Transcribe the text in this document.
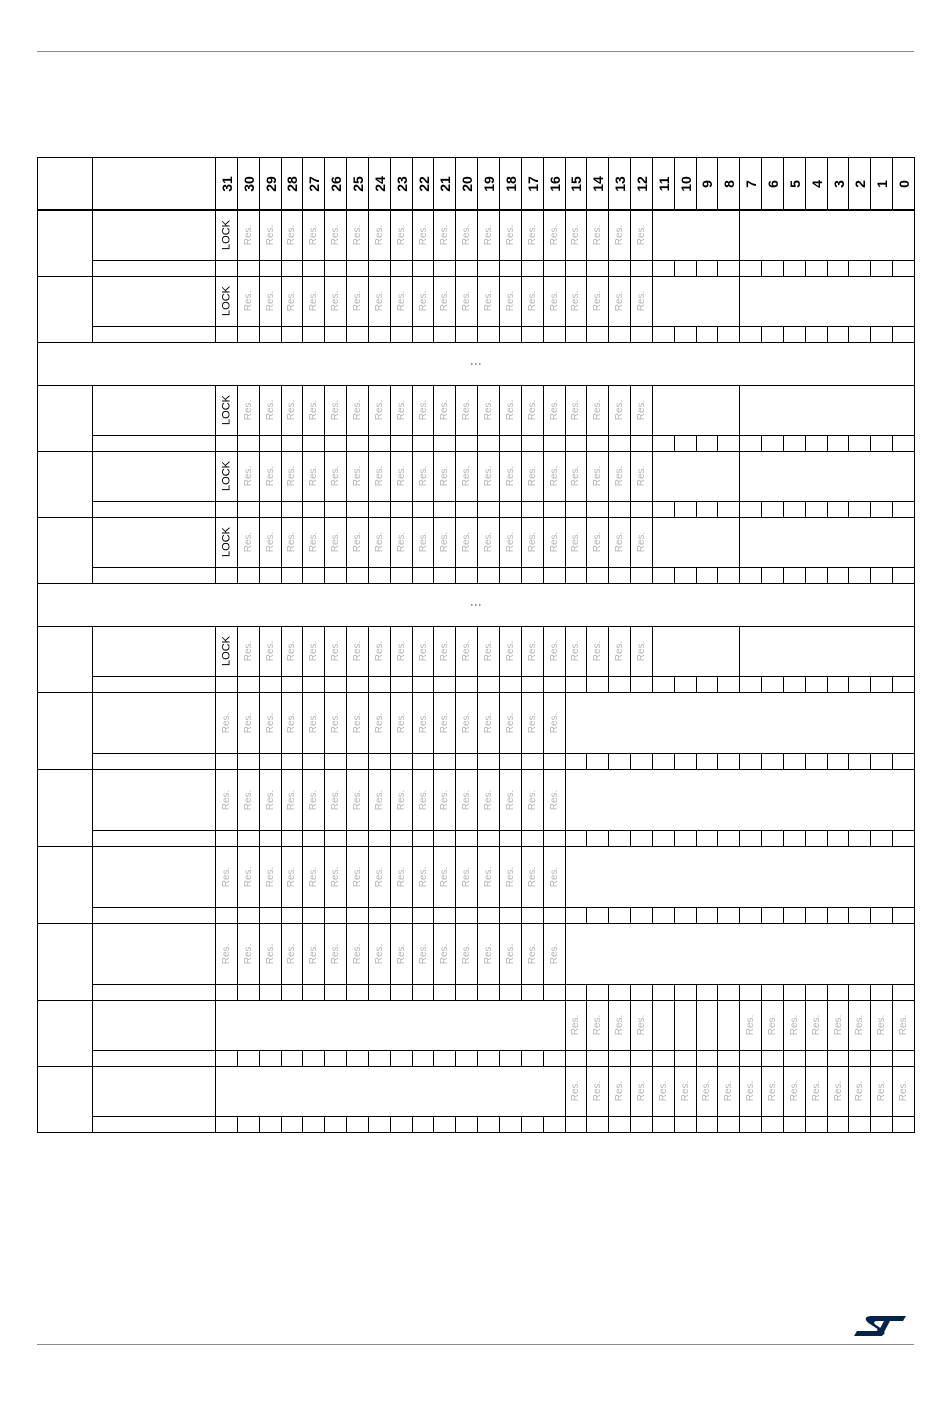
31 30 29 28 27 26 25 24 23 22 21 20 19 18 17 16 15 14 13 12 11 10 9 8 7 6 5 4 3 2 1 0
LOCK Res. Res. Res. Res. Res. Res. Res. Res. Res. Res. Res. Res. Res. Res. Res. Res. Res. Res. Res.
LOCK Res. Res. Res. Res. Res. Res. Res. Res. Res. Res. Res. Res. Res. Res. Res. Res. Res. Res. Res.
⋮
LOCK Res. Res. Res. Res. Res. Res. Res. Res. Res. Res. Res. Res. Res. Res. Res. Res. Res. Res. Res.
LOCK Res. Res. Res. Res. Res. Res. Res. Res. Res. Res. Res. Res. Res. Res. Res. Res. Res. Res. Res.
LOCK Res. Res. Res. Res. Res. Res. Res. Res. Res. Res. Res. Res. Res. Res. Res. Res. Res. Res. Res.
⋮
LOCK Res. Res. Res. Res. Res. Res. Res. Res. Res. Res. Res. Res. Res. Res. Res. Res. Res. Res. Res.
Res. Res. Res. Res. Res. Res. Res. Res. Res. Res. Res. Res. Res. Res. Res. Res.
Res. Res. Res. Res. Res. Res. Res. Res. Res. Res. Res. Res. Res. Res. Res. Res.
Res. Res. Res. Res. Res. Res. Res. Res. Res. Res. Res. Res. Res. Res. Res. Res.
Res. Res. Res. Res. Res. Res. Res. Res. Res. Res. Res. Res. Res. Res. Res. Res.
Res. Res. Res. Res.	Res. Res. Res. Res. Res. Res. Res. Res.
Res. Res. Res. Res. Res. Res. Res. Res. Res. Res. Res. Res. Res. Res. Res. Res.
